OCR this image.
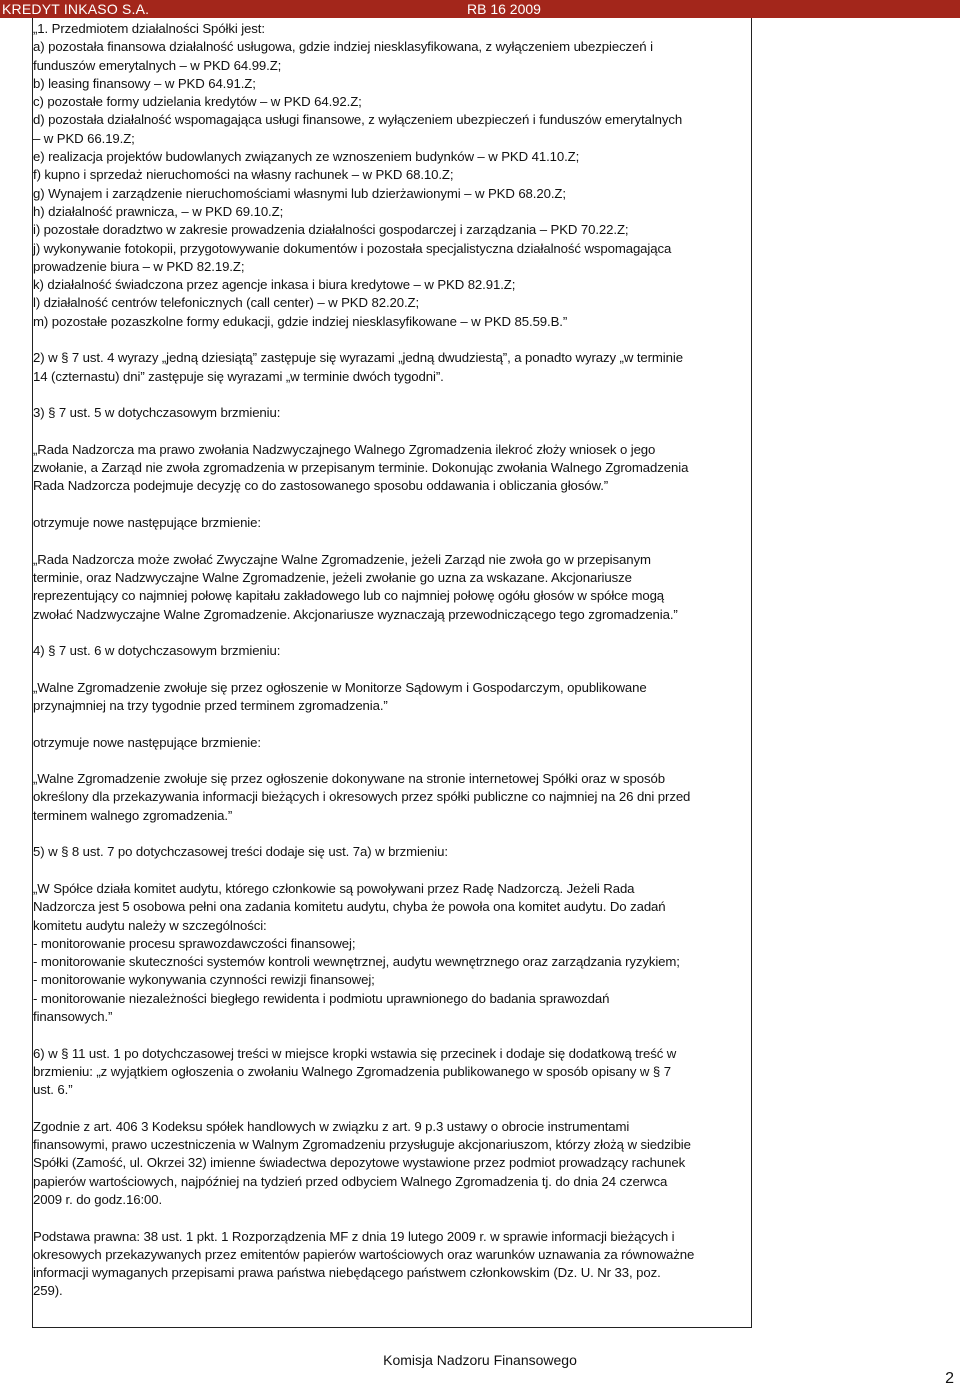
KREDYT INKASO S.A.	RB 16 2009
„1. Przedmiotem działalności Spółki jest:
a) pozostała finansowa działalność usługowa, gdzie indziej niesklasyfikowana, z wyłączeniem ubezpieczeń i
funduszów emerytalnych – w PKD 64.99.Z;
b) leasing finansowy – w PKD 64.91.Z;
c) pozostałe formy udzielania kredytów – w PKD 64.92.Z;
d) pozostała działalność wspomagająca usługi finansowe, z wyłączeniem ubezpieczeń i funduszów emerytalnych
– w PKD 66.19.Z;
e) realizacja projektów budowlanych związanych ze wznoszeniem budynków – w PKD 41.10.Z;
f) kupno i sprzedaż nieruchomości na własny rachunek – w PKD 68.10.Z;
g) Wynajem i zarządzenie nieruchomościami własnymi lub dzierżawionymi – w PKD 68.20.Z;
h) działalność prawnicza, – w PKD 69.10.Z;
i) pozostałe doradztwo w zakresie prowadzenia działalności gospodarczej i zarządzania – PKD 70.22.Z;
j) wykonywanie fotokopii, przygotowywanie dokumentów i pozostała specjalistyczna działalność wspomagająca
prowadzenie biura – w PKD 82.19.Z;
k) działalność świadczona przez agencje inkasa i biura kredytowe – w PKD 82.91.Z;
l) działalność centrów telefonicznych (call center) – w PKD 82.20.Z;
m) pozostałe pozaszkolne formy edukacji, gdzie indziej niesklasyfikowane – w PKD 85.59.B.”
2) w § 7 ust. 4 wyrazy „jedną dziesiątą” zastępuje się wyrazami „jedną dwudziestą”, a ponadto wyrazy „w terminie
14 (czternastu) dni” zastępuje się wyrazami „w terminie dwóch tygodni”.
3) § 7 ust. 5 w dotychczasowym brzmieniu:
„Rada Nadzorcza ma prawo zwołania Nadzwyczajnego Walnego Zgromadzenia ilekroć złoży wniosek o jego
zwołanie, a Zarząd nie zwoła zgromadzenia w przepisanym terminie. Dokonując zwołania Walnego Zgromadzenia
Rada Nadzorcza podejmuje decyzję co do zastosowanego sposobu oddawania i obliczania głosów.”
otrzymuje nowe następujące brzmienie:
„Rada Nadzorcza może zwołać Zwyczajne Walne Zgromadzenie, jeżeli Zarząd nie zwoła go w przepisanym
terminie, oraz Nadzwyczajne Walne Zgromadzenie, jeżeli zwołanie go uzna za wskazane. Akcjonariusze
reprezentujący co najmniej połowę kapitału zakładowego lub co najmniej połowę ogółu głosów w spółce mogą
zwołać Nadzwyczajne Walne Zgromadzenie. Akcjonariusze wyznaczają przewodniczącego tego zgromadzenia.”
4) § 7 ust. 6 w dotychczasowym brzmieniu:
„Walne Zgromadzenie zwołuje się przez ogłoszenie w Monitorze Sądowym i Gospodarczym, opublikowane
przynajmniej na trzy tygodnie przed terminem zgromadzenia.”
otrzymuje nowe następujące brzmienie:
„Walne Zgromadzenie zwołuje się przez ogłoszenie dokonywane na stronie internetowej Spółki oraz w sposób
określony dla przekazywania informacji bieżących i okresowych przez spółki publiczne co najmniej na 26 dni przed
terminem walnego zgromadzenia.”
5) w § 8 ust. 7 po dotychczasowej treści dodaje się ust. 7a) w brzmieniu:
„W Spółce działa komitet audytu, którego członkowie są powoływani przez Radę Nadzorczą. Jeżeli Rada
Nadzorcza jest 5 osobowa pełni ona zadania komitetu audytu, chyba że powoła ona komitet audytu. Do zadań
komitetu audytu należy w szczególności:
- monitorowanie procesu sprawozdawczości finansowej;
- monitorowanie skuteczności systemów kontroli wewnętrznej, audytu wewnętrznego oraz zarządzania ryzykiem;
- monitorowanie wykonywania czynności rewizji finansowej;
- monitorowanie niezależności biegłego rewidenta i podmiotu uprawnionego do badania sprawozdań
finansowych.”
6) w § 11 ust. 1 po dotychczasowej treści w miejsce kropki wstawia się przecinek i dodaje się dodatkową treść w
brzmieniu: „z wyjątkiem ogłoszenia o zwołaniu Walnego Zgromadzenia publikowanego w sposób opisany w § 7
ust. 6.”
Zgodnie z art. 406 3 Kodeksu spółek handlowych w związku z art. 9 p.3 ustawy o obrocie instrumentami
finansowymi, prawo uczestniczenia w Walnym Zgromadzeniu przysługuje akcjonariuszom, którzy złożą w siedzibie
Spółki (Zamość, ul. Okrzei 32) imienne świadectwa depozytowe wystawione przez podmiot prowadzący rachunek
papierów wartościowych, najpóźniej na tydzień przed odbyciem Walnego Zgromadzenia tj. do dnia 24 czerwca
2009 r. do godz.16:00.
Podstawa prawna: 38 ust. 1 pkt. 1 Rozporządzenia MF z dnia 19 lutego 2009 r. w sprawie informacji bieżących i
okresowych przekazywanych przez emitentów papierów wartościowych oraz warunków uznawania za równoważne
informacji wymaganych przepisami prawa państwa niebędącego państwem członkowskim (Dz. U. Nr 33, poz.
259).
Komisja Nadzoru Finansowego
2
